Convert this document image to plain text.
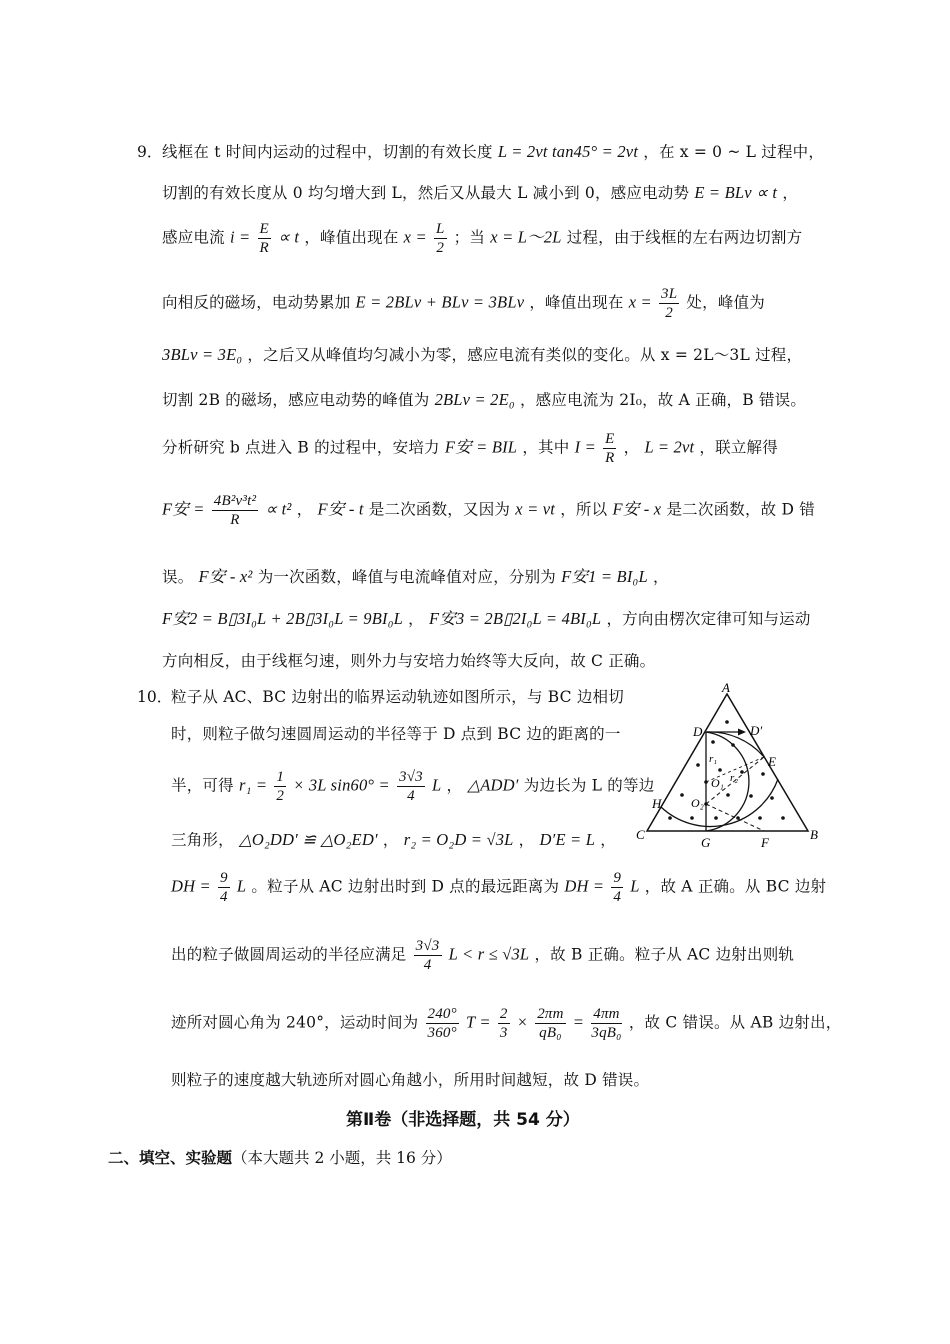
9． 线框在 t 时间内运动的过程中，切割的有效长度 L = 2vt tan45° = 2vt ，在 x = 0 ~ L 过程中，
切割的有效长度从 0 均匀增大到 L，然后又从最大 L 减小到 0，感应电动势 E = BLv ∝ t ，
感应电流 $i = \frac{E}{R} \propto t$ ，峰值出现在 $x = \frac{L}{2}$ ；当 x = L～2L 过程，由于线框的左右两边切割方
向相反的磁场，电动势累加 E = 2BLv + BLv = 3BLv ，峰值出现在 $x = \frac{3L}{2}$ 处，峰值为
3BLv = 3E₀ ，之后又从峰值均匀减小为零，感应电流有类似的变化。从 x = 2L～3L 过程，
切割 2B 的磁场，感应电动势的峰值为 2BLv = 2E₀ ，感应电流为 2I₀，故 A 正确，B 错误。
分析研究 b 点进入 B 的过程中，安培力 F安 = BIL ，其中 $I = \frac{E}{R}$ ， L = 2vt ，联立解得
F安 = $\frac{\text{4B²v³t²}}{R} \propto t^2$ ， F安 - t 是二次函数，又因为 x = vt ，所以 F安 - x 是二次函数，故 D 错
误。 F安 - x² 为一次函数，峰值与电流峰值对应，分别为 F安1 = BI₀L ，
F安2 = B▯3I₀L + 2B▯3I₀L = 9BI₀L ， F安3 = 2B▯2I₀L = 4BI₀L ，方向由楞次定律可知与运动
方向相反，由于线框匀速，则外力与安培力始终等大反向，故 C 正确。
10．
粒子从 AC、BC 边射出的临界运动轨迹如图所示，与 BC 边相切
时，则粒子做匀速圆周运动的半径等于 D 点到 BC 边的距离的一
半，可得 $r_1 = \frac{1}{2} \times 3L$ $\sin 60^\circ = \frac{3√3}{4}$ L ， △ADD′ 为边长为 L 的等边
三角形， △O₂DD′ ≌ △O₂ED′ ， r₂ = O₂D = √3L ， D′E = L ，
DH = $\frac{9}{4}$ L 。粒子从 AC 边射出时到 D 点的最远距离为 DH = $\frac{9}{4}$ L ，故 A 正确。从 BC 边射
出的粒子做圆周运动的半径应满足 $\frac{3√3}{4}$ L < r ≤ √3L ，故 B 正确。粒子从 AC 边射出则轨
迹所对圆心角为 240°，运动时间为 $\frac{240^\circ}{360^\circ}$ $T = \frac{2}{3} \times \frac{2\pi m}{\text{qB₀}} = \frac{4\pi m}{\text{3qB₀}}$ ，故 C 错误。从 AB 边射出，
则粒子的速度越大轨迹所对圆心角越小，所用时间越短，故 D 错误。
A
D	D′
E
r₁
O₁ r₂
O₂
H
C
G	F
B
第Ⅱ卷（非选择题，共 54 分）
二、填空、实验题（本大题共 2 小题，共 16 分）
